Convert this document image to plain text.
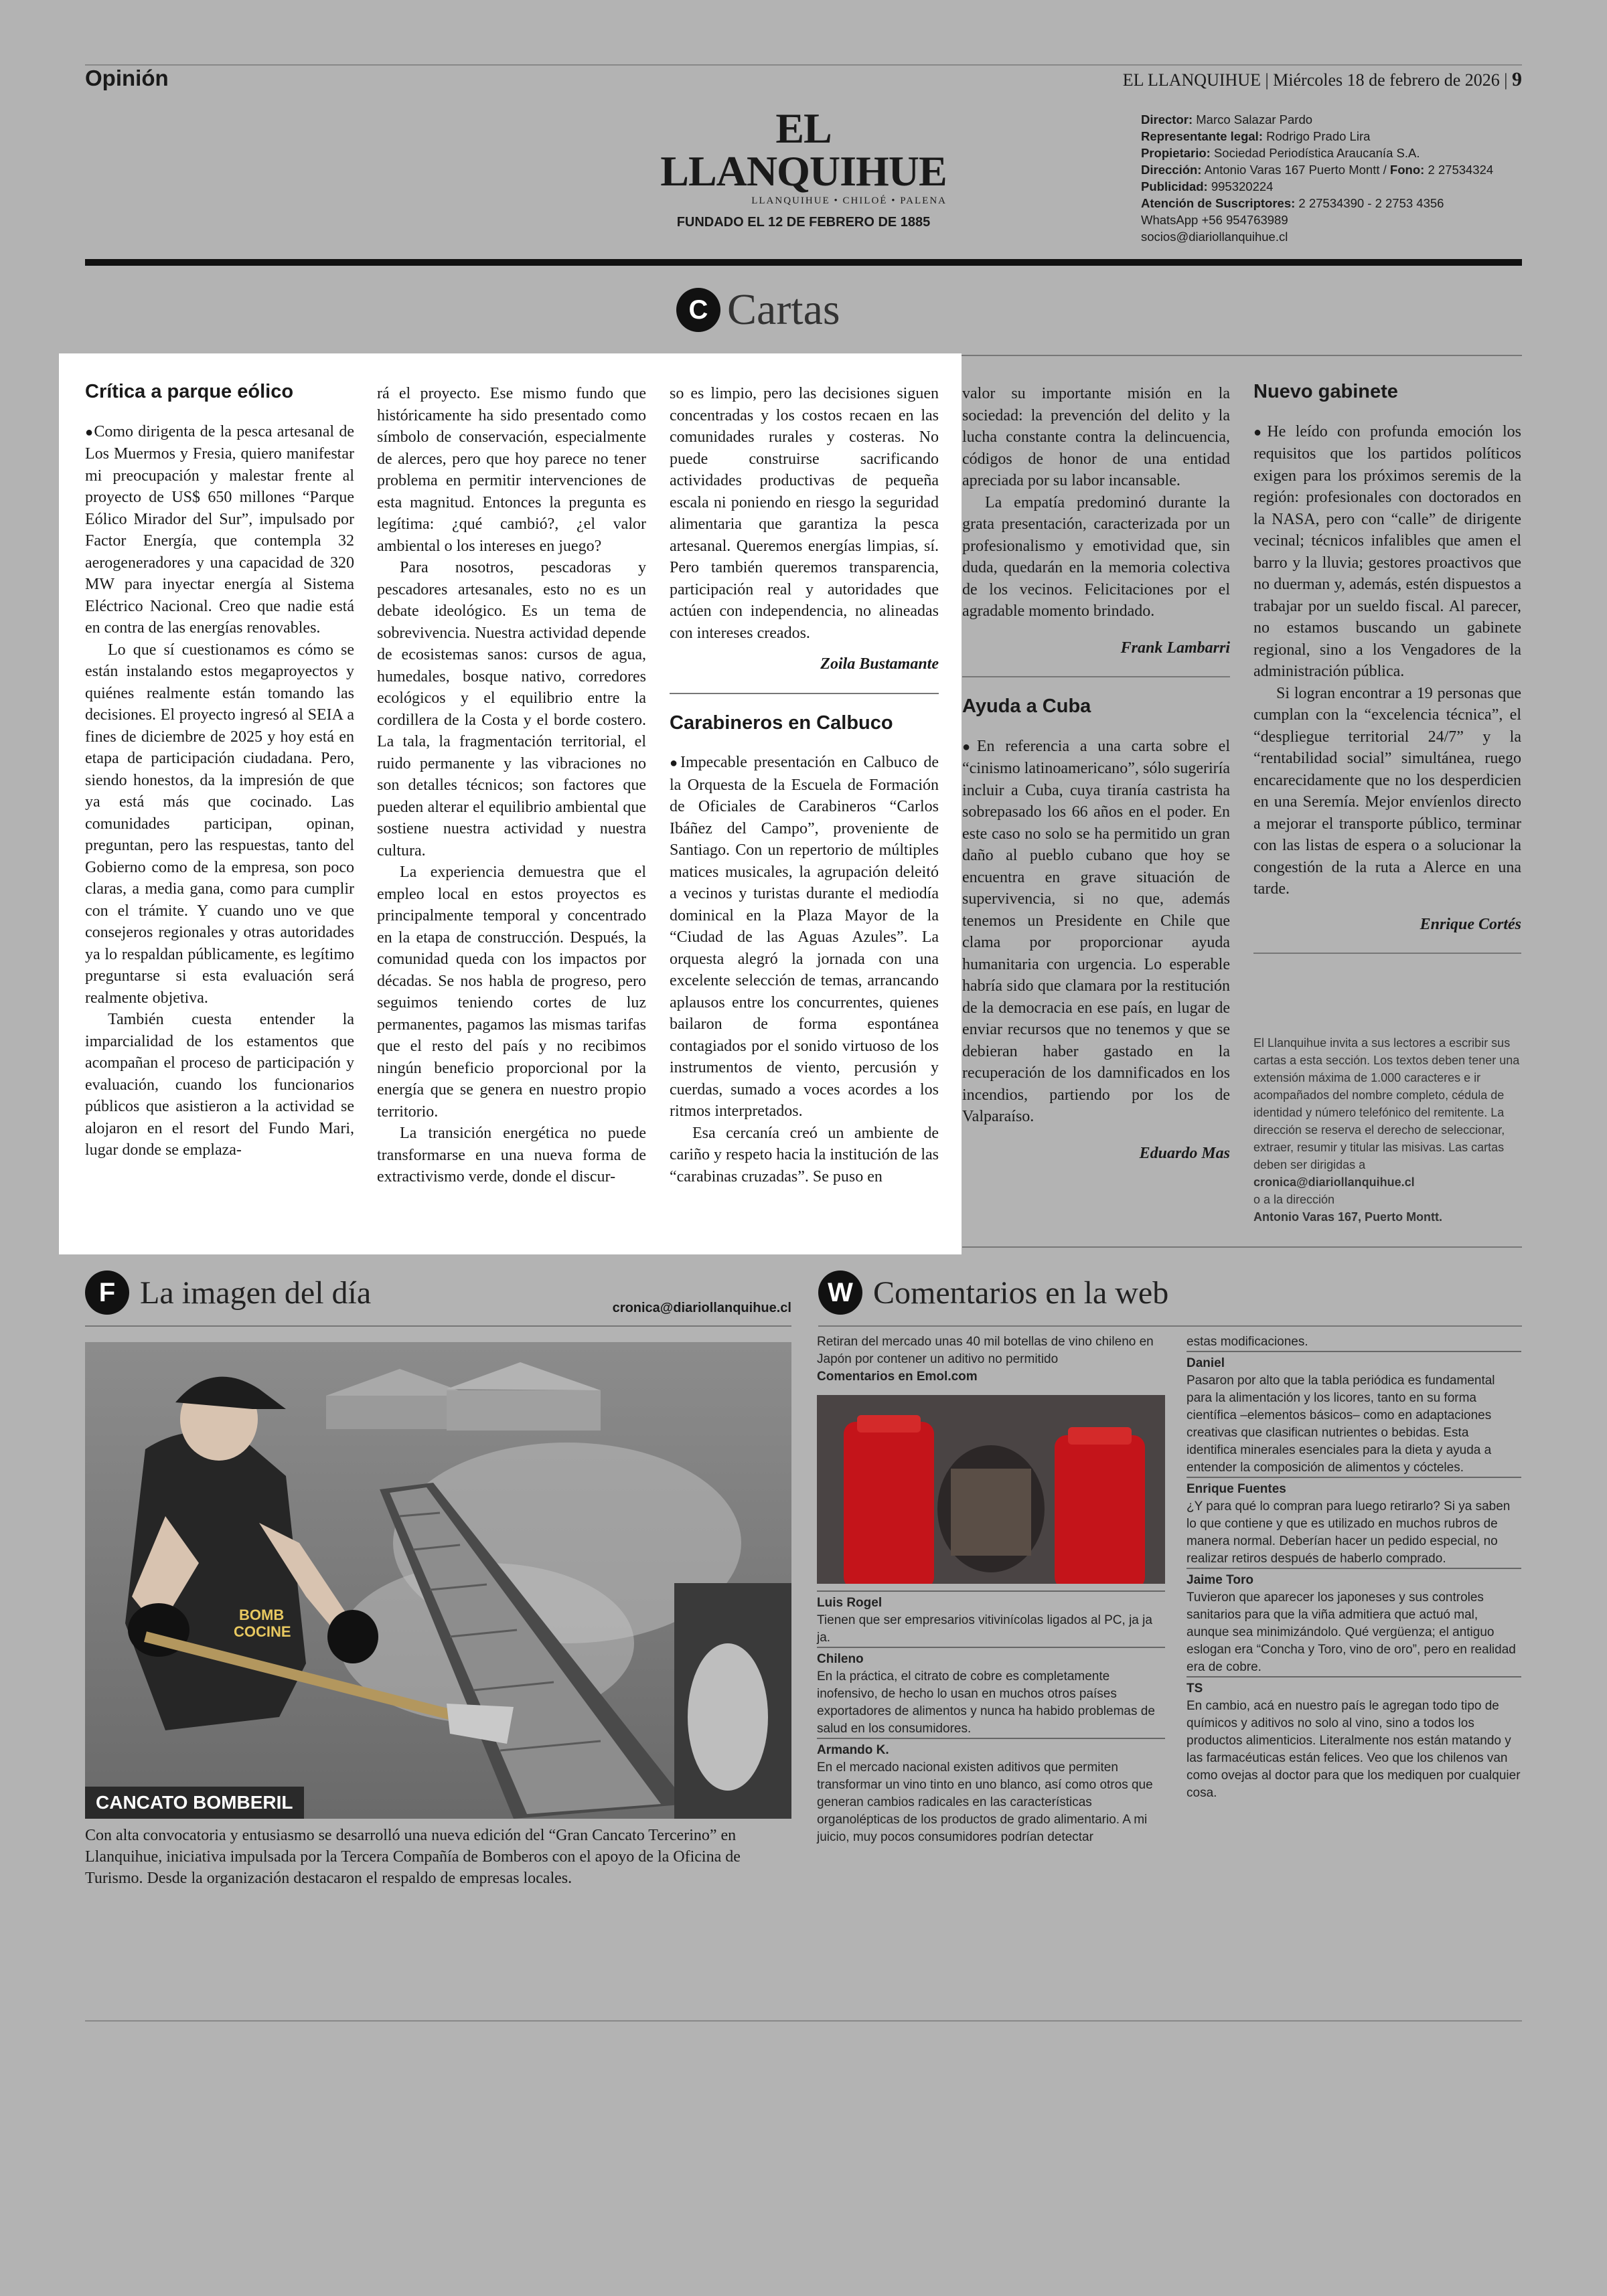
Opinión	EL LLANQUIHUE | Miércoles 18 de febrero de 2026 | 9
EL LLANQUIHUE
LLANQUIHUE • CHILOÉ • PALENA
FUNDADO EL 12 DE FEBRERO DE 1885
Director: Marco Salazar Pardo
Representante legal: Rodrigo Prado Lira
Propietario: Sociedad Periodística Araucanía S.A.
Dirección: Antonio Varas 167 Puerto Montt / Fono: 2 27534324
Publicidad: 995320224
Atención de Suscriptores: 2 27534390 - 2 2753 4356
WhatsApp +56 954763989
socios@diariollanquihue.cl
C Cartas
Crítica a parque eólico

● Como dirigenta de la pesca artesanal de Los Muermos y Fresia, quiero manifestar mi preocupación y malestar frente al proyecto de US$ 650 millones “Parque Eólico Mirador del Sur”, impulsado por Factor Energía, que contempla 32 aerogeneradores y una capacidad de 320 MW para inyectar energía al Sistema Eléctrico Nacional. Creo que nadie está en contra de las energías renovables.

Lo que sí cuestionamos es cómo se están instalando estos megaproyectos y quiénes realmente están tomando las decisiones. El proyecto ingresó al SEIA a fines de diciembre de 2025 y hoy está en etapa de participación ciudadana. Pero, siendo honestos, da la impresión de que ya está más que cocinado. Las comunidades participan, opinan, preguntan, pero las respuestas, tanto del Gobierno como de la empresa, son poco claras, a media gana, como para cumplir con el trámite. Y cuando uno ve que consejeros regionales y otras autoridades ya lo respaldan públicamente, es legítimo preguntarse si esta evaluación será realmente objetiva.

También cuesta entender la imparcialidad de los estamentos que acompañan el proceso de participación y evaluación, cuando los funcionarios públicos que asistieron a la actividad se alojaron en el resort del Fundo Mari, lugar donde se emplaza-

rá el proyecto. Ese mismo fundo que históricamente ha sido presentado como símbolo de conservación, especialmente de alerces, pero que hoy parece no tener problema en permitir intervenciones de esta magnitud. Entonces la pregunta es legítima: ¿qué cambió?, ¿el valor ambiental o los intereses en juego?

Para nosotros, pescadoras y pescadores artesanales, esto no es un debate ideológico. Es un tema de sobrevivencia. Nuestra actividad depende de ecosistemas sanos: cursos de agua, humedales, bosque nativo, corredores ecológicos y el equilibrio entre la cordillera de la Costa y el borde costero. La tala, la fragmentación territorial, el ruido permanente y las vibraciones no son detalles técnicos; son factores que pueden alterar el equilibrio ambiental que sostiene nuestra actividad y nuestra cultura.

La experiencia demuestra que el empleo local en estos proyectos es principalmente temporal y concentrado en la etapa de construcción. Después, la comunidad queda con los impactos por décadas. Se nos habla de progreso, pero seguimos teniendo cortes de luz permanentes, pagamos las mismas tarifas que el resto del país y no recibimos ningún beneficio proporcional por la energía que se genera en nuestro propio territorio.

La transición energética no puede transformarse en una nueva forma de extractivismo verde, donde el discur-

so es limpio, pero las decisiones siguen concentradas y los costos recaen en las comunidades rurales y costeras. No puede construirse sacrificando actividades productivas de pequeña escala ni poniendo en riesgo la seguridad alimentaria que garantiza la pesca artesanal. Queremos energías limpias, sí. Pero también queremos transparencia, participación real y autoridades que actúen con independencia, no alineadas con intereses creados.

Zoila Bustamante
Carabineros en Calbuco

● Impecable presentación en Calbuco de la Orquesta de la Escuela de Formación de Oficiales de Carabineros “Carlos Ibáñez del Campo”, proveniente de Santiago. Con un repertorio de múltiples matices musicales, la agrupación deleitó a vecinos y turistas durante el mediodía dominical en la Plaza Mayor de la “Ciudad de las Aguas Azules”. La orquesta alegró la jornada con una excelente selección de temas, arrancando aplausos entre los concurrentes, quienes bailaron de forma espontánea contagiados por el sonido virtuoso de los instrumentos de viento, percusión y cuerdas, sumado a voces acordes a los ritmos interpretados.

Esa cercanía creó un ambiente de cariño y respeto hacia la institución de las “carabinas cruzadas”. Se puso en

valor su importante misión en la sociedad: la prevención del delito y la lucha constante contra la delincuencia, códigos de honor de una entidad apreciada por su labor incansable.

La empatía predominó durante la grata presentación, caracterizada por un profesionalismo y emotividad que, sin duda, quedarán en la memoria colectiva de los vecinos. Felicitaciones por el agradable momento brindado.

Frank Lambarri
Ayuda a Cuba

● En referencia a una carta sobre el “cinismo latinoamericano”, sólo sugeriría incluir a Cuba, cuya tiranía castrista ha sobrepasado los 66 años en el poder. En este caso no solo se ha permitido un gran daño al pueblo cubano que hoy se encuentra en grave situación de supervivencia, si no que, además tenemos un Presidente en Chile que clama por proporcionar ayuda humanitaria con urgencia. Lo esperable habría sido que clamara por la restitución de la democracia en ese país, en lugar de enviar recursos que no tenemos y que se debieran haber gastado en la recuperación de los damnificados en los incendios, partiendo por los de Valparaíso.

Eduardo Mas
Nuevo gabinete

● He leído con profunda emoción los requisitos que los partidos políticos exigen para los próximos seremis de la región: profesionales con doctorados en la NASA, pero con “calle” de dirigente vecinal; técnicos infalibles que amen el barro y la lluvia; gestores proactivos que no duerman y, además, estén dispuestos a trabajar por un sueldo fiscal. Al parecer, no estamos buscando un gabinete regional, sino a los Vengadores de la administración pública.

Si logran encontrar a 19 personas que cumplan con la “excelencia técnica”, el “despliegue territorial 24/7” y la “rentabilidad social” simultánea, ruego encarecidamente que no los desperdicien en una Seremía. Mejor envíenlos directo a mejorar el transporte público, terminar con las listas de espera o a solucionar la congestión de la ruta a Alerce en una tarde.

Enrique Cortés
El Llanquihue invita a sus lectores a escribir sus cartas a esta sección. Los textos deben tener una extensión máxima de 1.000 caracteres e ir acompañados del nombre completo, cédula de identidad y número telefónico del remitente. La dirección se reserva el derecho de seleccionar, extraer, resumir y titular las misivas. Las cartas deben ser dirigidas a
cronica@diariollanquihue.cl
o a la dirección
Antonio Varas 167, Puerto Montt.
F La imagen del día	cronica@diariollanquihue.cl
BOMB
COCINE
CANCATO BOMBERIL
Con alta convocatoria y entusiasmo se desarrolló una nueva edición del “Gran Cancato Tercerino” en Llanquihue, iniciativa impulsada por la Tercera Compañía de Bomberos con el apoyo de la Oficina de Turismo. Desde la organización destacaron el respaldo de empresas locales.
W Comentarios en la web
Retiran del mercado unas 40 mil botellas de vino chileno en Japón por contener un aditivo no permitido
Comentarios en Emol.com
Luis Rogel
Tienen que ser empresarios vitivinícolas ligados al PC, ja ja ja.
Chileno
En la práctica, el citrato de cobre es completamente inofensivo, de hecho lo usan en muchos otros países exportadores de alimentos y nunca ha habido problemas de salud en los consumidores.
Armando K.
En el mercado nacional existen aditivos que permiten transformar un vino tinto en uno blanco, así como otros que generan cambios radicales en las características organolépticas de los productos de grado alimentario. A mi juicio, muy pocos consumidores podrían detectar
estas modificaciones.
Daniel
Pasaron por alto que la tabla periódica es fundamental para la alimentación y los licores, tanto en su forma científica –elementos básicos– como en adaptaciones creativas que clasifican nutrientes o bebidas. Esta identifica minerales esenciales para la dieta y ayuda a entender la composición de alimentos y cócteles.
Enrique Fuentes
¿Y para qué lo compran para luego retirarlo? Si ya saben lo que contiene y que es utilizado en muchos rubros de manera normal. Deberían hacer un pedido especial, no realizar retiros después de haberlo comprado.
Jaime Toro
Tuvieron que aparecer los japoneses y sus controles sanitarios para que la viña admitiera que actuó mal, aunque sea minimizándolo. Qué vergüenza; el antiguo eslogan era “Concha y Toro, vino de oro”, pero en realidad era de cobre.
TS
En cambio, acá en nuestro país le agregan todo tipo de químicos y aditivos no solo al vino, sino a todos los productos alimenticios. Literalmente nos están matando y las farmacéuticas están felices. Veo que los chilenos van como ovejas al doctor para que los mediquen por cualquier cosa.
